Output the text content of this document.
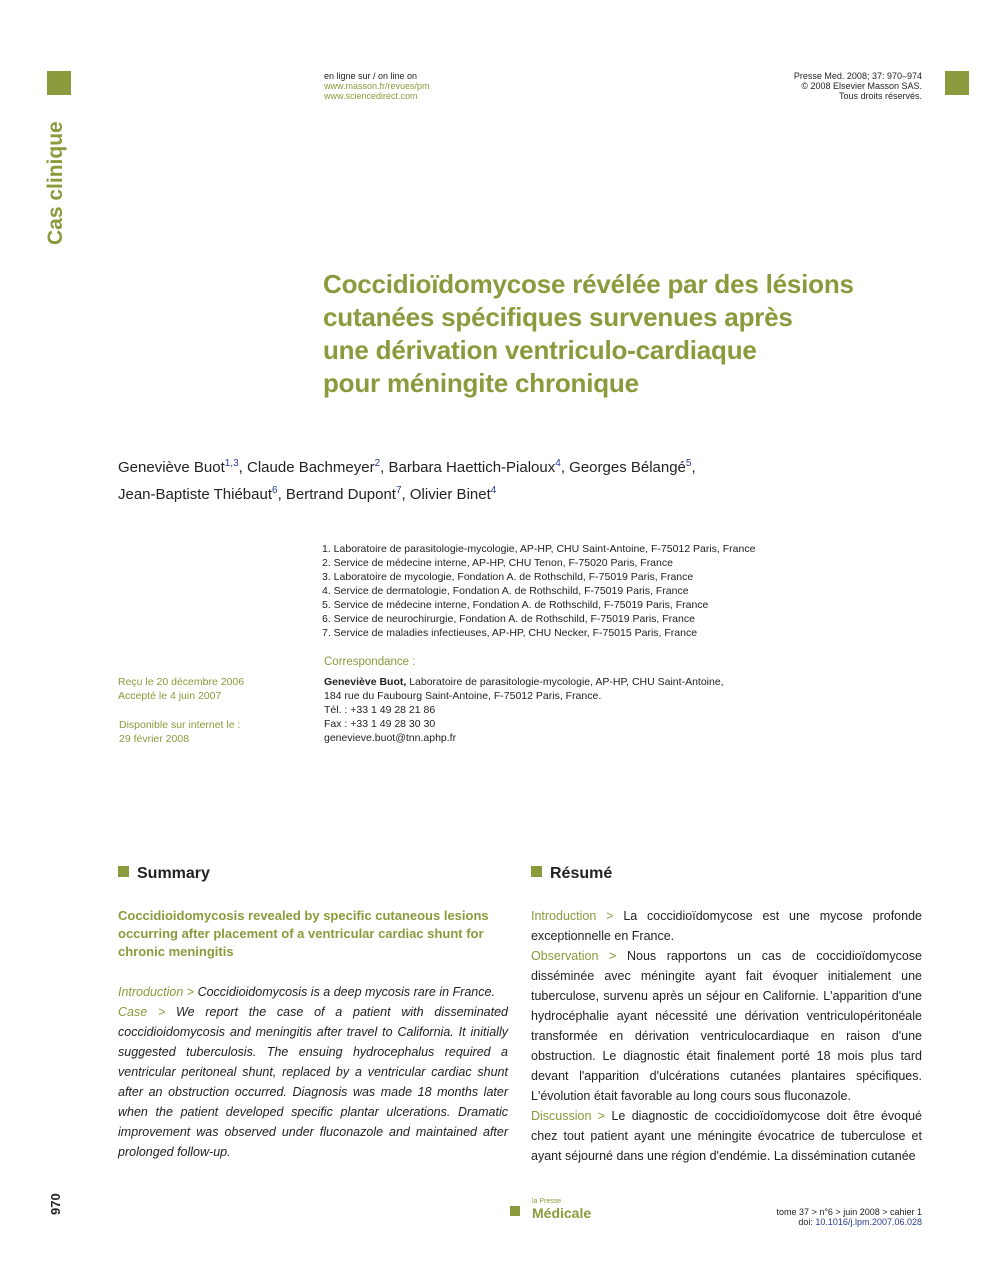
Cas clinique
en ligne sur / on line on
www.masson.fr/revues/pm
www.sciencedirect.com
Presse Med. 2008; 37: 970–974
© 2008 Elsevier Masson SAS.
Tous droits réservés.
Coccidioïdomycose révélée par des lésions
cutanées spécifiques survenues après
une dérivation ventriculo-cardiaque
pour méningite chronique
Geneviève Buot$^{1,3}$, Claude Bachmeyer$^2$, Barbara Haettich-Pialoux$^4$, Georges Bélangé$^5$,
Jean-Baptiste Thiébaut$^6$, Bertrand Dupont$^7$, Olivier Binet$^4$
1. Laboratoire de parasitologie-mycologie, AP-HP, CHU Saint-Antoine, F-75012 Paris, France
2. Service de médecine interne, AP-HP, CHU Tenon, F-75020 Paris, France
3. Laboratoire de mycologie, Fondation A. de Rothschild, F-75019 Paris, France
4. Service de dermatologie, Fondation A. de Rothschild, F-75019 Paris, France
5. Service de médecine interne, Fondation A. de Rothschild, F-75019 Paris, France
6. Service de neurochirurgie, Fondation A. de Rothschild, F-75019 Paris, France
7. Service de maladies infectieuses, AP-HP, CHU Necker, F-75015 Paris, France
Correspondance :
Geneviève Buot, Laboratoire de parasitologie-mycologie, AP-HP, CHU Saint-Antoine,
184 rue du Faubourg Saint-Antoine, F-75012 Paris, France.
Tél. : +33 1 49 28 21 86
Fax : +33 1 49 28 30 30
genevieve.buot@tnn.aphp.fr
Reçu le 20 décembre 2006
Accepté le 4 juin 2007
Disponible sur internet le :
29 février 2008
Summary	Résumé
Coccidioidomycosis revealed by specific cutaneous lesions occurring after placement of a ventricular cardiac shunt for chronic meningitis
Introduction > Coccidioidomycosis is a deep mycosis rare in France.
Case > We report the case of a patient with disseminated coccidioidomycosis and meningitis after travel to California. It initially suggested tuberculosis. The ensuing hydrocephalus required a ventricular peritoneal shunt, replaced by a ventricular cardiac shunt after an obstruction occurred. Diagnosis was made 18 months later when the patient developed specific plantar ulcerations. Dramatic improvement was observed under fluconazole and maintained after prolonged follow-up.
Introduction > La coccidioïdomycose est une mycose profonde exceptionnelle en France.
Observation > Nous rapportons un cas de coccidioïdomycose disséminée avec méningite ayant fait évoquer initialement une tuberculose, survenu après un séjour en Californie. L'apparition d'une hydrocéphalie ayant nécessité une dérivation ventriculopéritonéale transformée en dérivation ventriculocardiaque en raison d'une obstruction. Le diagnostic était finalement porté 18 mois plus tard devant l'apparition d'ulcérations cutanées plantaires spécifiques. L'évolution était favorable au long cours sous fluconazole.
Discussion > Le diagnostic de coccidioïdomycose doit être évoqué chez tout patient ayant une méningite évocatrice de tuberculose et ayant séjourné dans une région d'endémie. La dissémination cutanée
970	la Presse
Médicale	tome 37 > n°6 > juin 2008 > cahier 1
doi: 10.1016/j.lpm.2007.06.028
